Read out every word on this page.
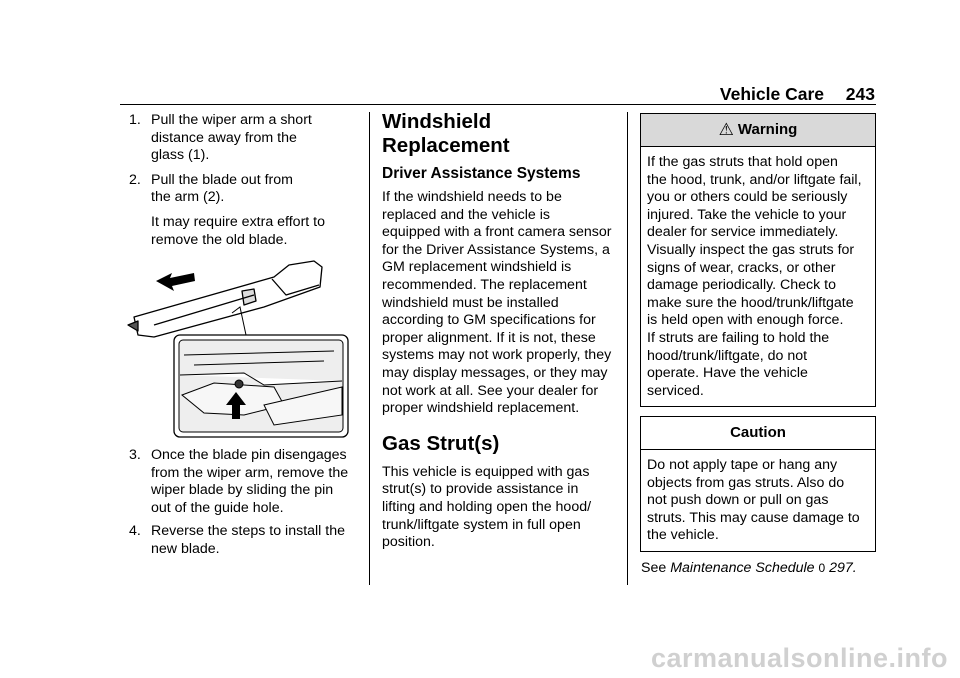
Vehicle Care 243
1. Pull the wiper arm a short
distance away from the
glass (1).
2. Pull the blade out from
the arm (2).
It may require extra effort to
remove the old blade.
3. Once the blade pin disengages
from the wiper arm, remove the
wiper blade by sliding the pin
out of the guide hole.
4. Reverse the steps to install the
new blade.
Windshield Replacement
Driver Assistance Systems
If the windshield needs to be
replaced and the vehicle is
equipped with a front camera sensor
for the Driver Assistance Systems, a
GM replacement windshield is
recommended. The replacement
windshield must be installed
according to GM specifications for
proper alignment. If it is not, these
systems may not work properly, they
may display messages, or they may
not work at all. See your dealer for
proper windshield replacement.
Gas Strut(s)
This vehicle is equipped with gas
strut(s) to provide assistance in
lifting and holding open the hood/
trunk/liftgate system in full open
position.
⚠ Warning
If the gas struts that hold open
the hood, trunk, and/or liftgate fail,
you or others could be seriously
injured. Take the vehicle to your
dealer for service immediately.
Visually inspect the gas struts for
signs of wear, cracks, or other
damage periodically. Check to
make sure the hood/trunk/liftgate
is held open with enough force.
If struts are failing to hold the
hood/trunk/liftgate, do not
operate. Have the vehicle
serviced.
Caution
Do not apply tape or hang any
objects from gas struts. Also do
not push down or pull on gas
struts. This may cause damage to
the vehicle.
See Maintenance Schedule 0 297.
carmanualsonline.info
